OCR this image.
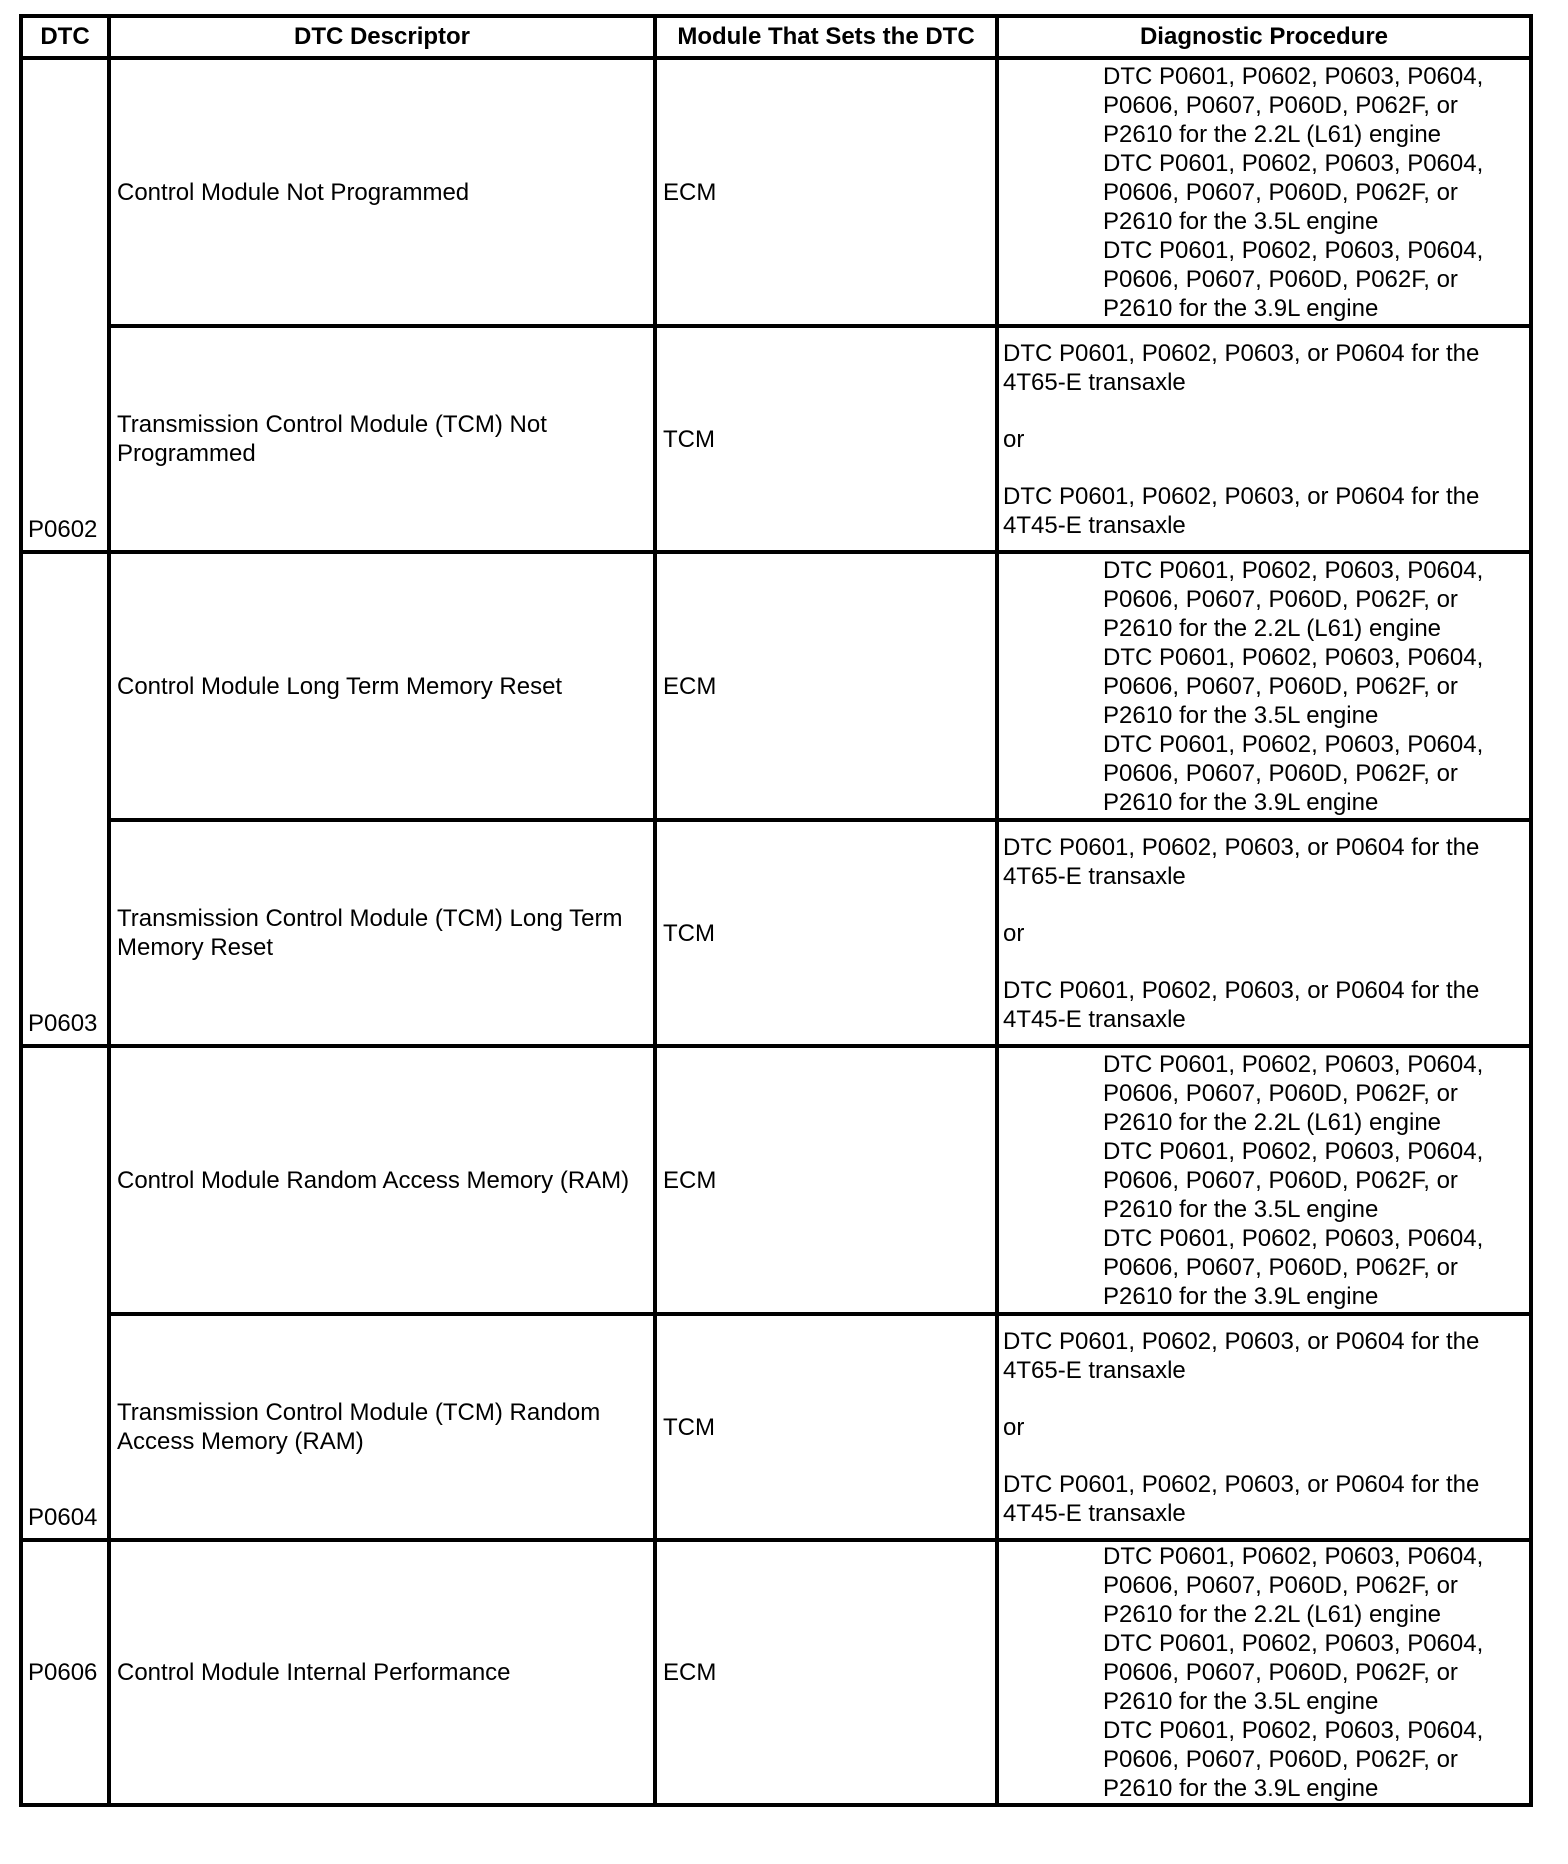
DTC	DTC Descriptor	Module That Sets the DTC	Diagnostic Procedure
P0602	Control Module Not Programmed	ECM	DTC P0601, P0602, P0603, P0604, P0606, P0607, P060D, P062F, or P2610 for the 2.2L (L61) engine
DTC P0601, P0602, P0603, P0604, P0606, P0607, P060D, P062F, or P2610 for the 3.5L engine
DTC P0601, P0602, P0603, P0604, P0606, P0607, P060D, P062F, or P2610 for the 3.9L engine

	Transmission Control Module (TCM) Not Programmed	TCM	DTC P0601, P0602, P0603, or P0604 for the 4T65-E transaxle
or
DTC P0601, P0602, P0603, or P0604 for the 4T45-E transaxle

P0603	Control Module Long Term Memory Reset	ECM	DTC P0601, P0602, P0603, P0604, P0606, P0607, P060D, P062F, or P2610 for the 2.2L (L61) engine
DTC P0601, P0602, P0603, P0604, P0606, P0607, P060D, P062F, or P2610 for the 3.5L engine
DTC P0601, P0602, P0603, P0604, P0606, P0607, P060D, P062F, or P2610 for the 3.9L engine

	Transmission Control Module (TCM) Long Term Memory Reset	TCM	DTC P0601, P0602, P0603, or P0604 for the 4T65-E transaxle
or
DTC P0601, P0602, P0603, or P0604 for the 4T45-E transaxle

P0604	Control Module Random Access Memory (RAM)	ECM	DTC P0601, P0602, P0603, P0604, P0606, P0607, P060D, P062F, or P2610 for the 2.2L (L61) engine
DTC P0601, P0602, P0603, P0604, P0606, P0607, P060D, P062F, or P2610 for the 3.5L engine
DTC P0601, P0602, P0603, P0604, P0606, P0607, P060D, P062F, or P2610 for the 3.9L engine

	Transmission Control Module (TCM) Random Access Memory (RAM)	TCM	DTC P0601, P0602, P0603, or P0604 for the 4T65-E transaxle
or
DTC P0601, P0602, P0603, or P0604 for the 4T45-E transaxle

P0606	Control Module Internal Performance	ECM	DTC P0601, P0602, P0603, P0604, P0606, P0607, P060D, P062F, or P2610 for the 2.2L (L61) engine
DTC P0601, P0602, P0603, P0604, P0606, P0607, P060D, P062F, or P2610 for the 3.5L engine
DTC P0601, P0602, P0603, P0604, P0606, P0607, P060D, P062F, or P2610 for the 3.9L engine
